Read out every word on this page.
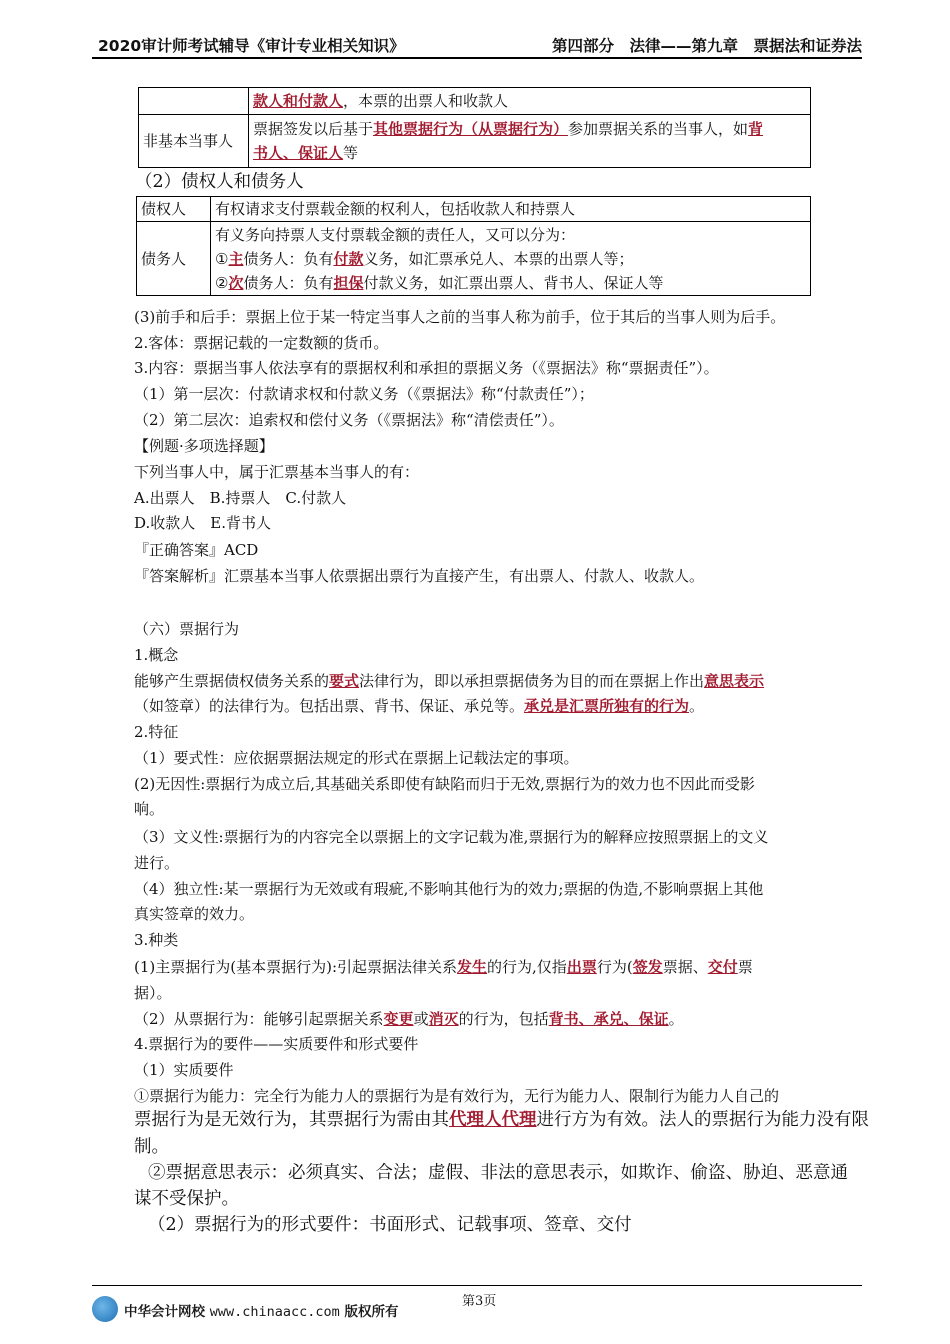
2020审计师考试辅导《审计专业相关知识》	第四部分　法律——第九章　票据法和证券法
	款人和付款人，本票的出票人和收款人
非基本当事人	票据签发以后基于其他票据行为（从票据行为）参加票据关系的当事人，如背
书人、保证人等
（2）债权人和债务人
债权人	有权请求支付票载金额的权利人，包括收款人和持票人
债务人	有义务向持票人支付票载金额的责任人，又可以分为：
①主债务人：负有付款义务，如汇票承兑人、本票的出票人等；
②次债务人：负有担保付款义务，如汇票出票人、背书人、保证人等
(3)前手和后手：票据上位于某一特定当事人之前的当事人称为前手，位于其后的当事人则为后手。
2.客体：票据记载的一定数额的货币。
3.内容：票据当事人依法享有的票据权利和承担的票据义务（《票据法》称“票据责任”）。
（1）第一层次：付款请求权和付款义务（《票据法》称“付款责任”）；
（2）第二层次：追索权和偿付义务（《票据法》称“清偿责任”）。
【例题·多项选择题】
下列当事人中，属于汇票基本当事人的有：
A.出票人　B.持票人　C.付款人
D.收款人　E.背书人
『正确答案』ACD
『答案解析』汇票基本当事人依票据出票行为直接产生，有出票人、付款人、收款人。
（六）票据行为
1.概念
能够产生票据债权债务关系的要式法律行为，即以承担票据债务为目的而在票据上作出意思表示
（如签章）的法律行为。包括出票、背书、保证、承兑等。承兑是汇票所独有的行为。
2.特征
（1）要式性：应依据票据法规定的形式在票据上记载法定的事项。
(2)无因性:票据行为成立后,其基础关系即使有缺陷而归于无效,票据行为的效力也不因此而受影
响。
（3）文义性:票据行为的内容完全以票据上的文字记载为准,票据行为的解释应按照票据上的文义
进行。
（4）独立性:某一票据行为无效或有瑕疵,不影响其他行为的效力;票据的伪造,不影响票据上其他
真实签章的效力。
3.种类
(1)主票据行为(基本票据行为):引起票据法律关系发生的行为,仅指出票行为(签发票据、交付票
据）。
（2）从票据行为：能够引起票据关系变更或消灭的行为，包括背书、承兑、保证。
4.票据行为的要件——实质要件和形式要件
（1）实质要件
①票据行为能力：完全行为能力人的票据行为是有效行为，无行为能力人、限制行为能力人自己的
票据行为是无效行为，其票据行为需由其代理人代理进行方为有效。法人的票据行为能力没有限
制。
②票据意思表示：必须真实、合法；虚假、非法的意思表示，如欺诈、偷盗、胁迫、恶意通
谋不受保护。
（2）票据行为的形式要件：书面形式、记载事项、签章、交付
第3页
中华会计网校 www.chinaacc.com 版权所有
